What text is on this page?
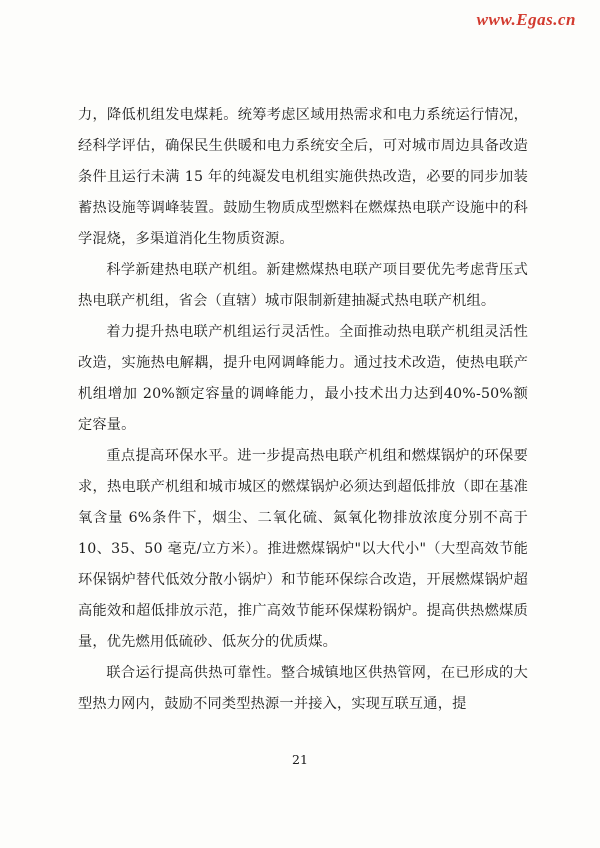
www.Egas.cn

力，降低机组发电煤耗。统筹考虑区域用热需求和电力系统运行情况，经科学评估，确保民生供暖和电力系统安全后，可对城市周边具备改造条件且运行未满 15 年的纯凝发电机组实施供热改造，必要的同步加装蓄热设施等调峰装置。鼓励生物质成型燃料在燃煤热电联产设施中的科学混烧，多渠道消化生物质资源。

科学新建热电联产机组。新建燃煤热电联产项目要优先考虑背压式热电联产机组，省会（直辖）城市限制新建抽凝式热电联产机组。

着力提升热电联产机组运行灵活性。全面推动热电联产机组灵活性改造，实施热电解耦，提升电网调峰能力。通过技术改造，使热电联产机组增加 20%额定容量的调峰能力，最小技术出力达到40%-50%额定容量。

重点提高环保水平。进一步提高热电联产机组和燃煤锅炉的环保要求，热电联产机组和城市城区的燃煤锅炉必须达到超低排放（即在基准氧含量 6%条件下，烟尘、二氧化硫、氮氧化物排放浓度分别不高于 10、35、50 毫克/立方米）。推进燃煤锅炉"以大代小"（大型高效节能环保锅炉替代低效分散小锅炉）和节能环保综合改造，开展燃煤锅炉超高能效和超低排放示范，推广高效节能环保煤粉锅炉。提高供热燃煤质量，优先燃用低硫砂、低灰分的优质煤。

联合运行提高供热可靠性。整合城镇地区供热管网，在已形成的大型热力网内，鼓励不同类型热源一并接入，实现互联互通，提

21
